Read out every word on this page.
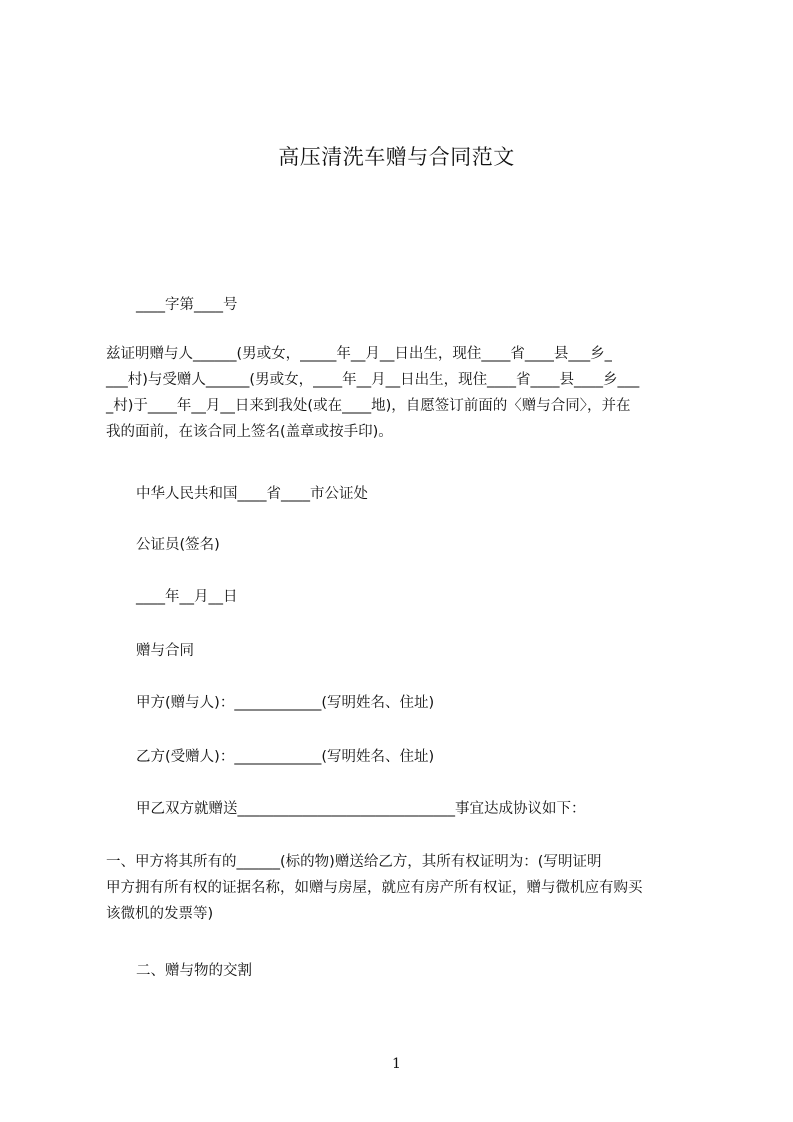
高压清洗车赠与合同范文
____字第____号
兹证明赠与人______(男或女，_____年__月__日出生，现住____省____县___乡_
___村)与受赠人______(男或女，____年__月__日出生，现住____省____县____乡___
_村)于____年__月__日来到我处(或在____地)，自愿签订前面的〈赠与合同〉，并在
我的面前，在该合同上签名(盖章或按手印)。
中华人民共和国____省____市公证处
公证员(签名)
____年__月__日
赠与合同
甲方(赠与人)：____________(写明姓名、住址)
乙方(受赠人)：____________(写明姓名、住址)
甲乙双方就赠送______________________________事宜达成协议如下：
一、甲方将其所有的______(标的物)赠送给乙方，其所有权证明为：(写明证明
甲方拥有所有权的证据名称，如赠与房屋，就应有房产所有权证，赠与微机应有购买
该微机的发票等)
二、赠与物的交割
1
